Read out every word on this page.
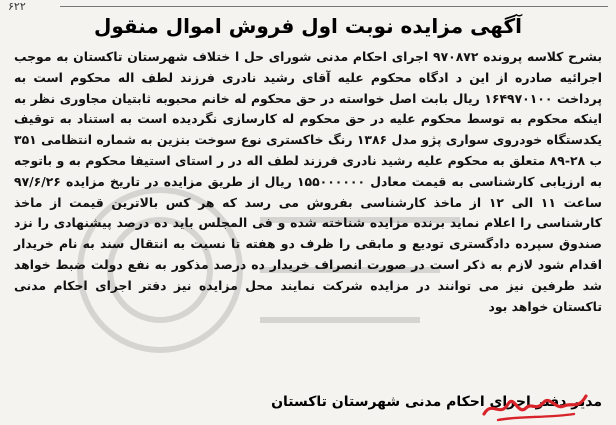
۶۲۲
آگهی مزایده نوبت اول فروش اموال منقول

بشرح کلاسه پرونده ۹۷۰۸۷۲ اجرای احکام مدنی شورای حل ا ختلاف شهرستان تاکستان به موجب اجرائیه صادره از این د ادگاه محکوم علیه آقای رشید نادری فرزند لطف اله محکوم است به پرداخت ۱۶۴۹۷۰۱۰۰ ریال بابت اصل خواسته در حق محکوم له خانم محبوبه ثابتیان مجاوری نظر به اینکه محکوم به توسط محکوم علیه در حق محکوم له کارسازی نگردیده است به استناد به توقیف یکدستگاه خودروی سواری پژو مدل ۱۳۸۶ رنگ خاکستری نوع سوخت بنزین به شماره انتظامی ۳۵۱ ب ۲۸-۸۹ متعلق به محکوم علیه رشید نادری فرزند لطف اله در ر استای استیفا محکوم به و باتوجه به ارزیابی کارشناسی به قیمت معادل ۱۵۵۰۰۰۰۰۰ ریال از طریق مزایده در تاریخ مزایده ۹۷/۶/۲۶ ساعت ۱۱ الی ۱۲ از ماخذ کارشناسی بفروش می رسد که هر کس بالاترین قیمت از ماخذ کارشناسی را اعلام نماید برنده مزایده شناخته شده و فی المجلس باید ده درصد پیشنهادی را نزد صندوق سپرده دادگستری تودیع و مابقی را ظرف دو هفته تا نسبت به انتقال سند به نام خریدار اقدام شود لازم به ذکر است در صورت انصراف خریدار ده درصد مذکور به نفع دولت ضبط خواهد شد طرفین نیز می توانند در مزایده شرکت نمایند محل مزایده نیز دفتر اجرای احکام مدنی تاکستان خواهد بود

مدیر دفتر اجرای احکام مدنی شهرستان تاکستان
